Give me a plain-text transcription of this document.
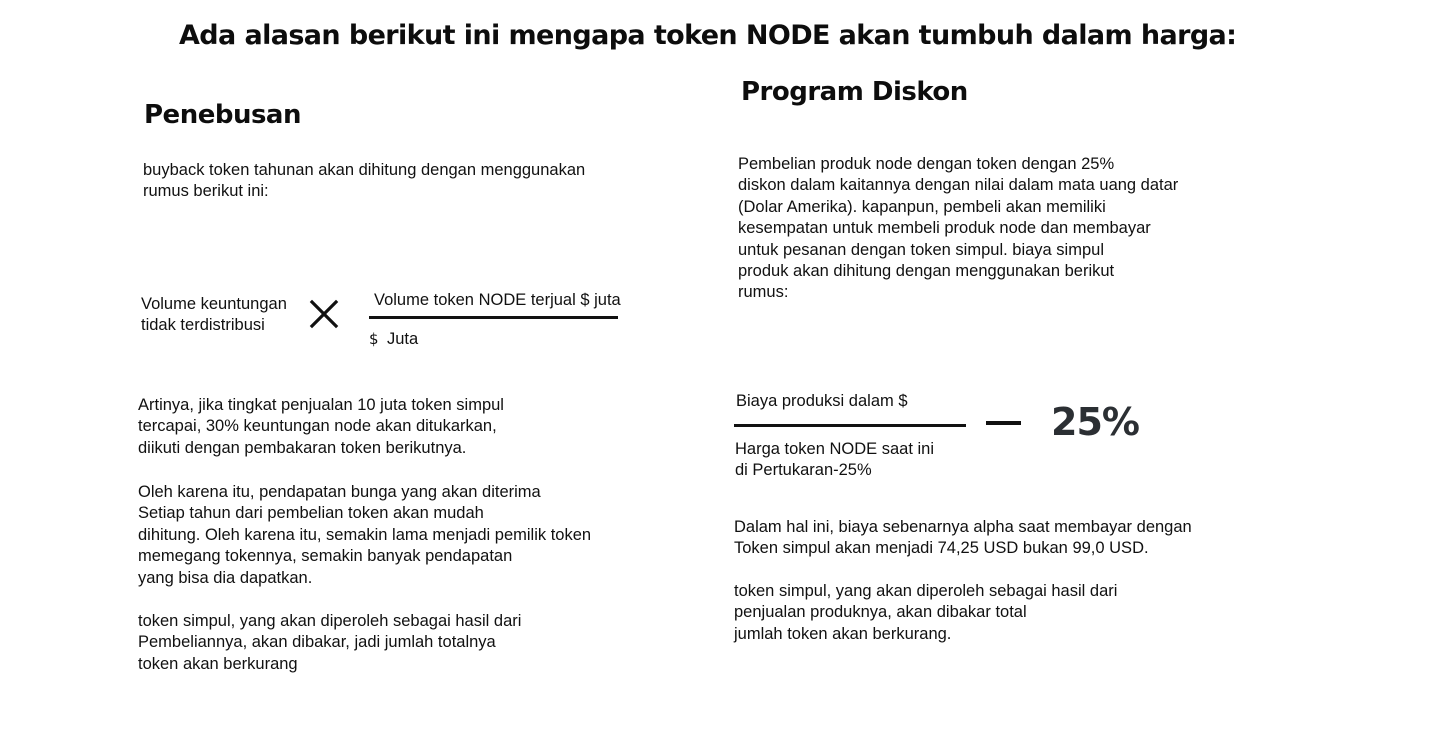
Ada alasan berikut ini mengapa token NODE akan tumbuh dalam harga:
Penebusan
buyback token tahunan akan dihitung dengan menggunakan
rumus berikut ini:
Volume keuntungan
tidak terdistribusi
Volume token NODE terjual $ juta
$ Juta
Artinya, jika tingkat penjualan 10 juta token simpul
tercapai, 30% keuntungan node akan ditukarkan,
diikuti dengan pembakaran token berikutnya.
Oleh karena itu, pendapatan bunga yang akan diterima
Setiap tahun dari pembelian token akan mudah
dihitung. Oleh karena itu, semakin lama menjadi pemilik token
memegang tokennya, semakin banyak pendapatan
yang bisa dia dapatkan.
token simpul, yang akan diperoleh sebagai hasil dari
Pembeliannya, akan dibakar, jadi jumlah totalnya
token akan berkurang
Program Diskon
Pembelian produk node dengan token dengan 25%
diskon dalam kaitannya dengan nilai dalam mata uang datar
(Dolar Amerika). kapanpun, pembeli akan memiliki
kesempatan untuk membeli produk node dan membayar
untuk pesanan dengan token simpul. biaya simpul
produk akan dihitung dengan menggunakan berikut
rumus:
Biaya produksi dalam $
Harga token NODE saat ini
di Pertukaran-25%
25%
Dalam hal ini, biaya sebenarnya alpha saat membayar dengan
Token simpul akan menjadi 74,25 USD bukan 99,0 USD.
token simpul, yang akan diperoleh sebagai hasil dari
penjualan produknya, akan dibakar total
jumlah token akan berkurang.
